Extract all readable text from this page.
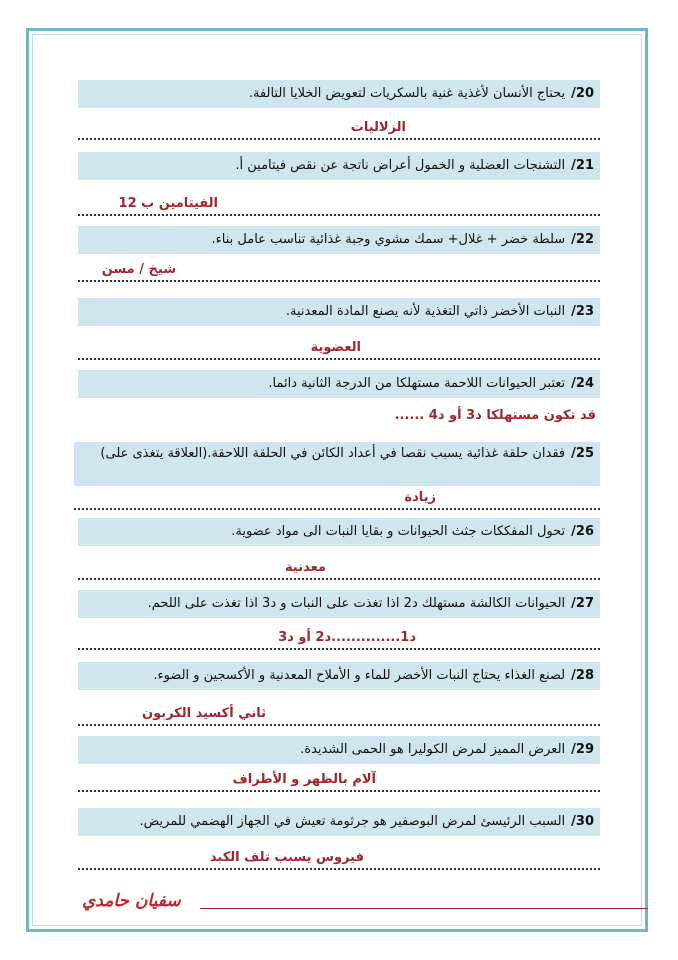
20/يحتاج الأنسان لأغذية غنية بالسكريات لتعويض الخلايا التالفة.
الزلاليات
21/التشنجات العضلية و الخمول أعراض ناتجة عن نقص فيتامين أ.
الفيتامين ب 12
22/سلطة خضر + غلال+ سمك مشوي وجبة غذائية تناسب عامل بناء.
شيخ / مسن
23/النبات الأخضر ذاتي التغذية لأنه يصنع المادة المعدنية.
العضوية
24/تعتبر الحيوانات اللاحمة مستهلكا من الدرجة الثانية دائما.
قد تكون مستهلكا د3 أو د4 ......
25/فقدان حلقة غذائية يسبب نقصا في أعداد الكائن في الحلقة اللاحقة.(العلاقة يتغذى على)
زيادة
26/تحول المفككات جثث الحيوانات و بقايا النبات الى مواد عضوية.
معدنية
27/الحيوانات الكالشة مستهلك د2 اذا تغذت على النبات و د3 اذا تغذت على اللحم.
د1..............د2 أو د3
28/لصنع الغذاء يحتاج النبات الأخضر للماء و الأملاح المعدنية و الأكسجين و الضوء.
ثاني أكسيد الكربون
29/العرض المميز لمرض الكوليرا هو الحمى الشديدة.
آلام بالظهر و الأطراف
30/السبب الرئيسئ لمرض البوصفير هو جرثومة تعيش في الجهاز الهضمي للمريض.
فيروس يسبب تلف الكبد
سفيان حامدي
